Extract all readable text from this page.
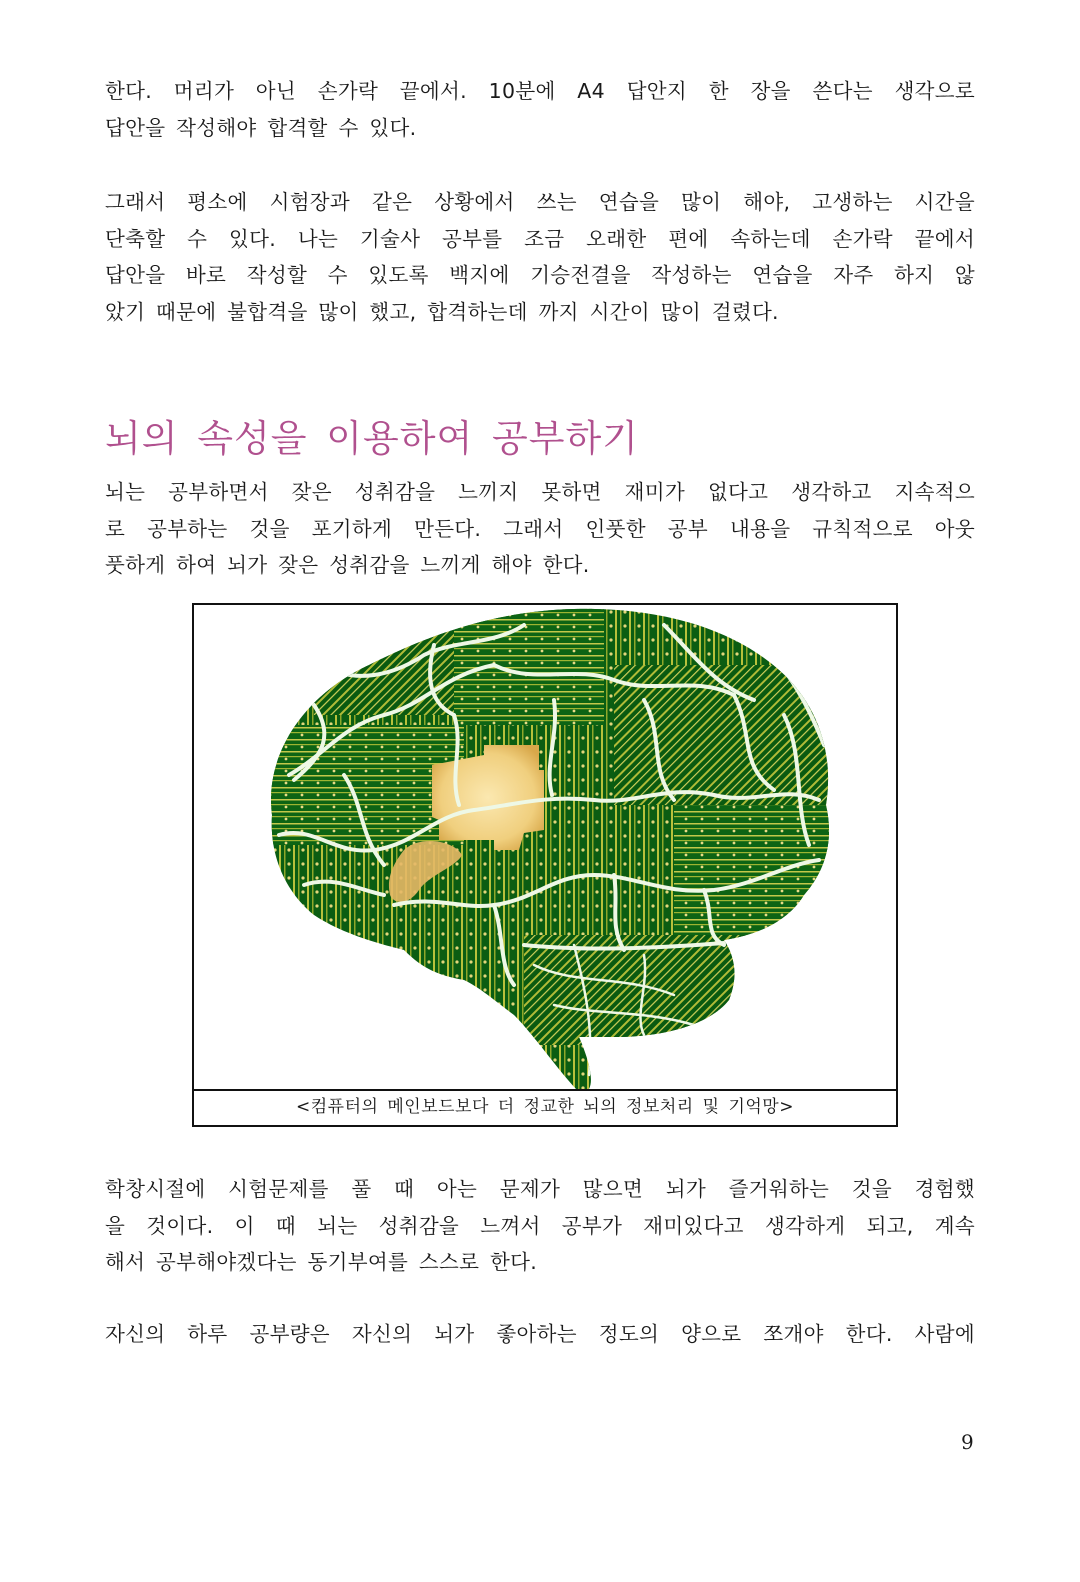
한다. 머리가 아닌 손가락 끝에서. 10분에 A4 답안지 한 장을 쓴다는 생각으로
답안을 작성해야 합격할 수 있다.
그래서 평소에 시험장과 같은 상황에서 쓰는 연습을 많이 해야, 고생하는 시간을
단축할 수 있다. 나는 기술사 공부를 조금 오래한 편에 속하는데 손가락 끝에서
답안을 바로 작성할 수 있도록 백지에 기승전결을 작성하는 연습을 자주 하지 않
았기 때문에 불합격을 많이 했고, 합격하는데 까지 시간이 많이 걸렸다.
뇌의 속성을 이용하여 공부하기
뇌는 공부하면서 잦은 성취감을 느끼지 못하면 재미가 없다고 생각하고 지속적으
로 공부하는 것을 포기하게 만든다. 그래서 인풋한 공부 내용을 규칙적으로 아웃
풋하게 하여 뇌가 잦은 성취감을 느끼게 해야 한다.
<컴퓨터의 메인보드보다 더 정교한 뇌의 정보처리 및 기억망>
학창시절에 시험문제를 풀 때 아는 문제가 많으면 뇌가 즐거워하는 것을 경험했
을 것이다. 이 때 뇌는 성취감을 느껴서 공부가 재미있다고 생각하게 되고, 계속
해서 공부해야겠다는 동기부여를 스스로 한다.
자신의 하루 공부량은 자신의 뇌가 좋아하는 정도의 양으로 쪼개야 한다. 사람에
9
